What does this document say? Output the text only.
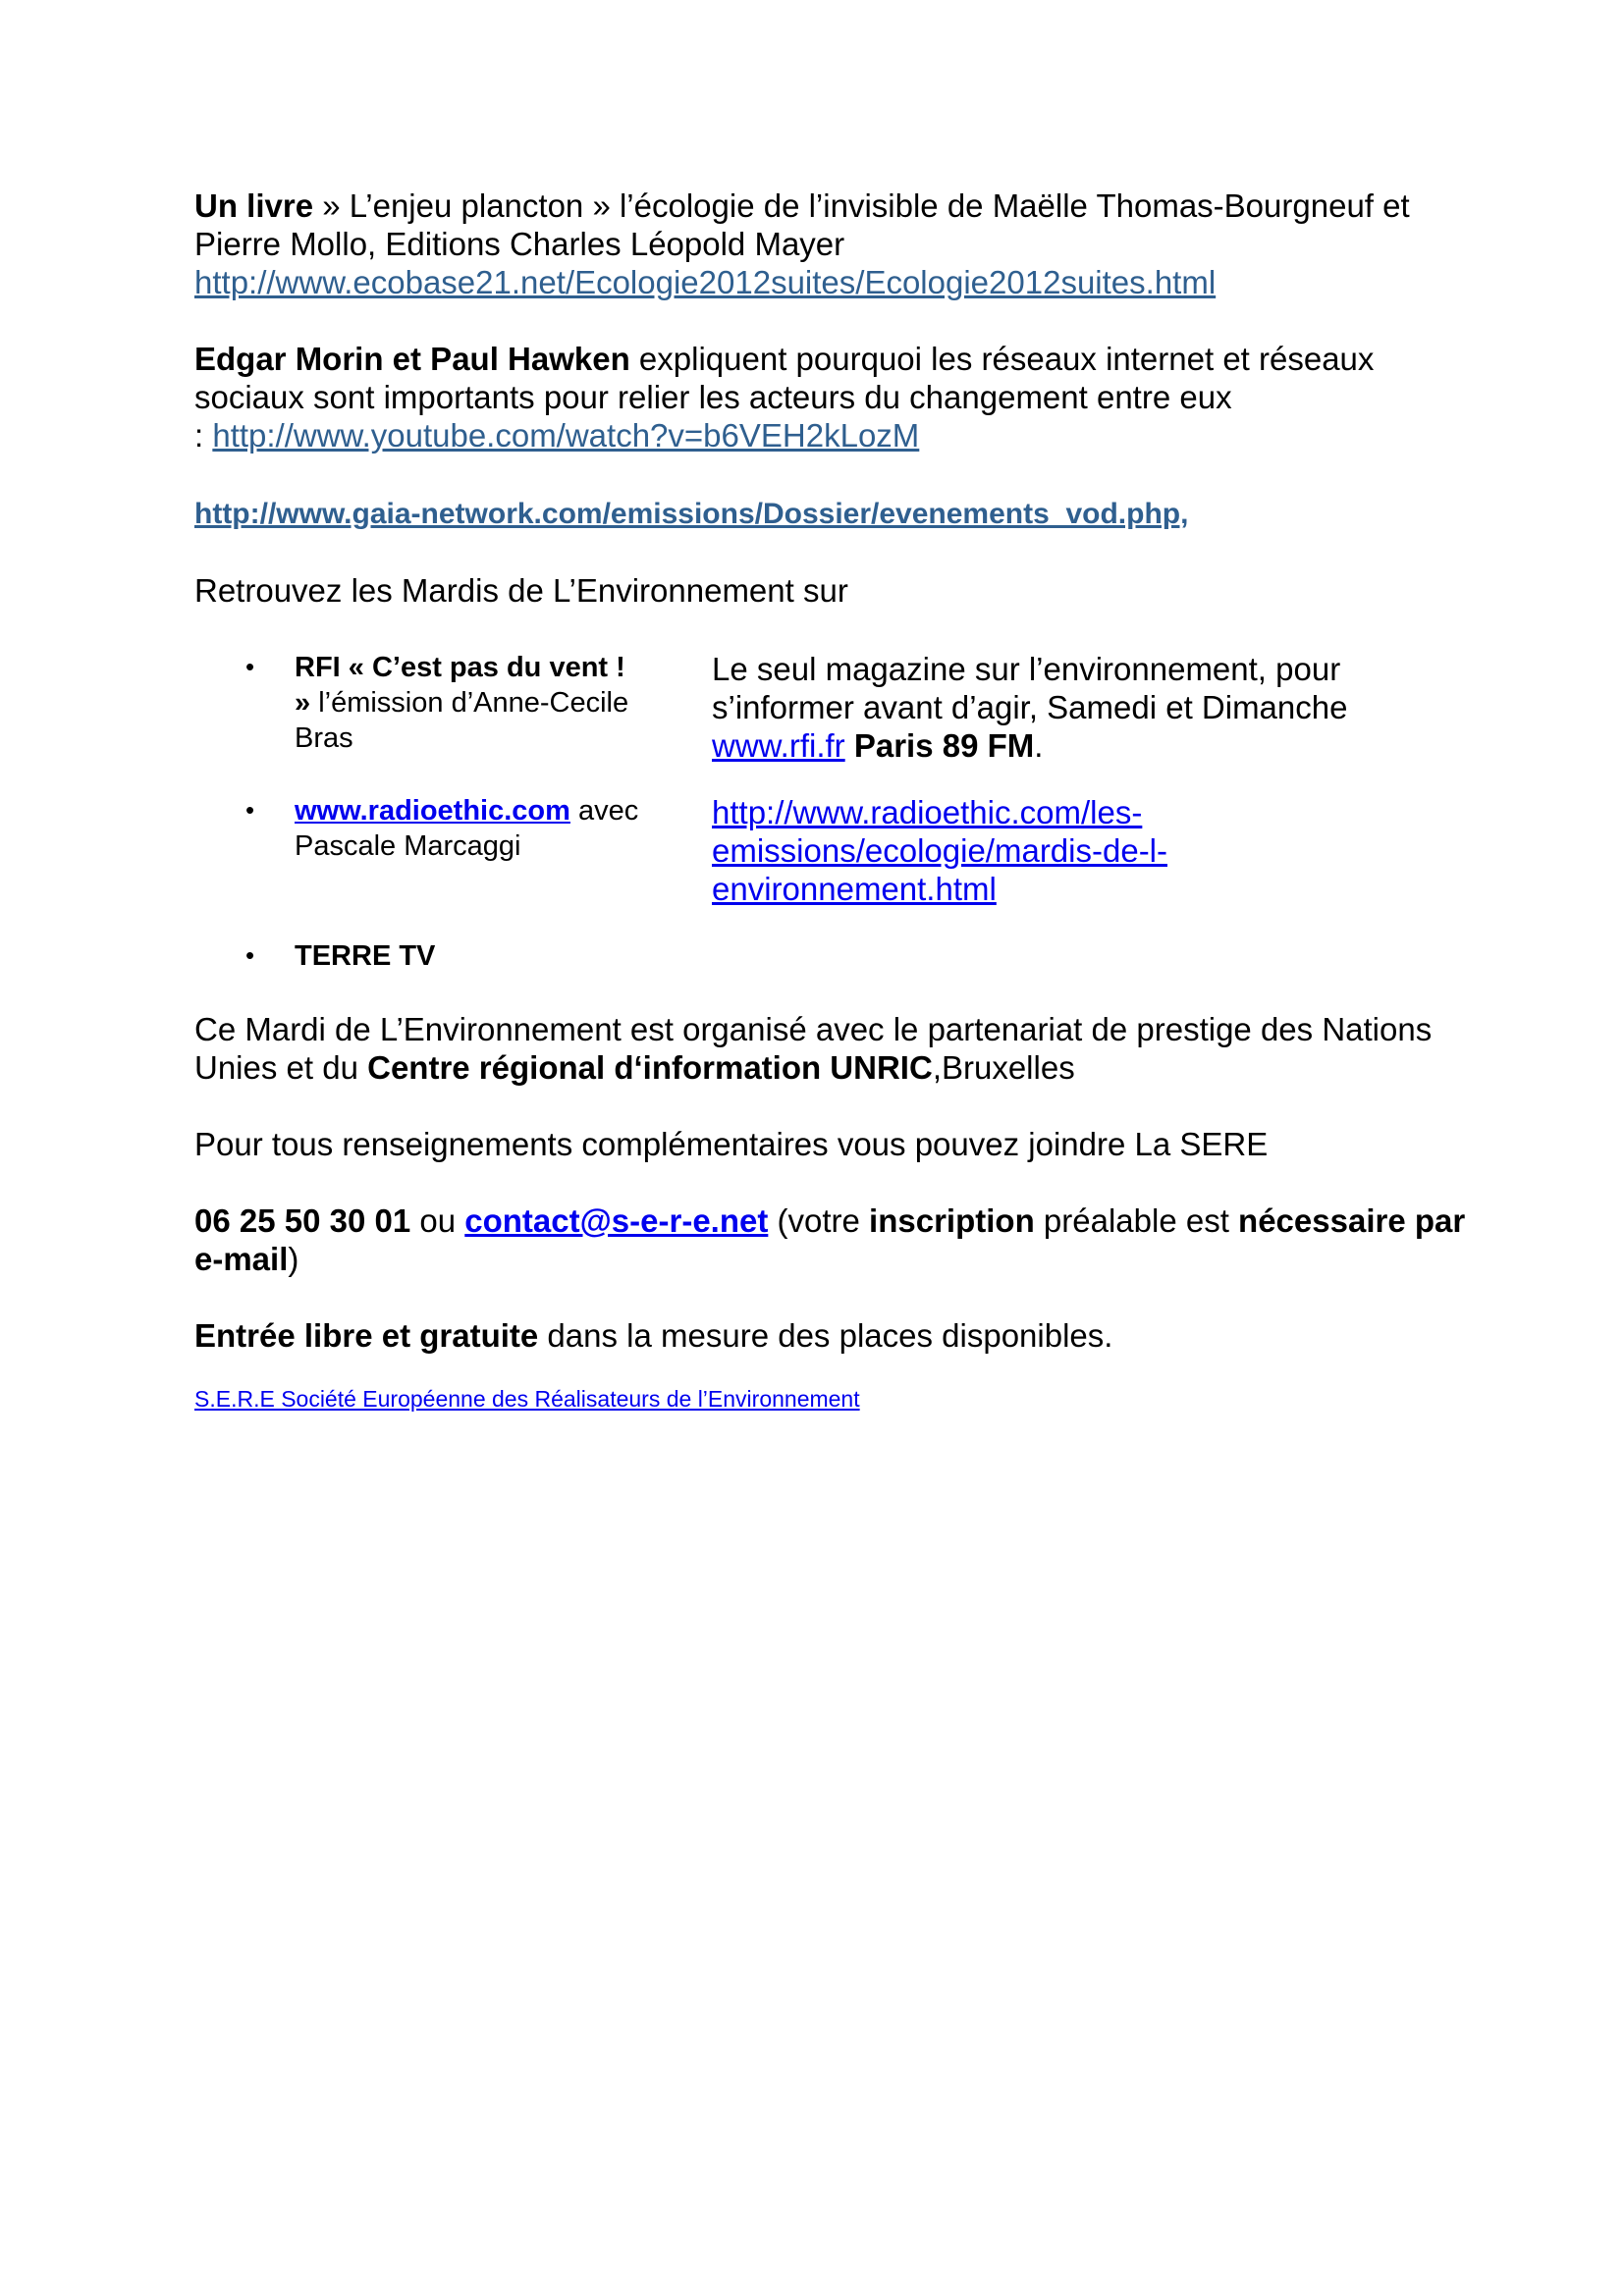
Un livre » L’enjeu plancton » l’écologie de l’invisible de Maëlle Thomas-Bourgneuf et Pierre Mollo, Editions Charles Léopold Mayer http://www.ecobase21.net/Ecologie2012suites/Ecologie2012suites.html

Edgar Morin et Paul Hawken expliquent pourquoi les réseaux internet et réseaux sociaux sont importants pour relier les acteurs du changement entre eux
: http://www.youtube.com/watch?v=b6VEH2kLozM

http://www.gaia-network.com/emissions/Dossier/evenements_vod.php,

Retrouvez les Mardis de L’Environnement sur

• RFI « C’est pas du vent ! » l’émission d’Anne-Cecile Bras
Le seul magazine sur l’environnement, pour s’informer avant d’agir, Samedi et Dimanche www.rfi.fr Paris 89 FM.
• www.radioethic.com avec Pascale Marcaggi
http://www.radioethic.com/les-emissions/ecologie/mardis-de-l-environnement.html
• TERRE TV

Ce Mardi de L’Environnement est organisé avec le partenariat de prestige des Nations Unies et du Centre régional d‘information UNRIC,Bruxelles

Pour tous renseignements complémentaires vous pouvez joindre La SERE

06 25 50 30 01 ou contact@s-e-r-e.net (votre inscription préalable est nécessaire par e-mail)

Entrée libre et gratuite dans la mesure des places disponibles.

S.E.R.E Société Européenne des Réalisateurs de l’Environnement
